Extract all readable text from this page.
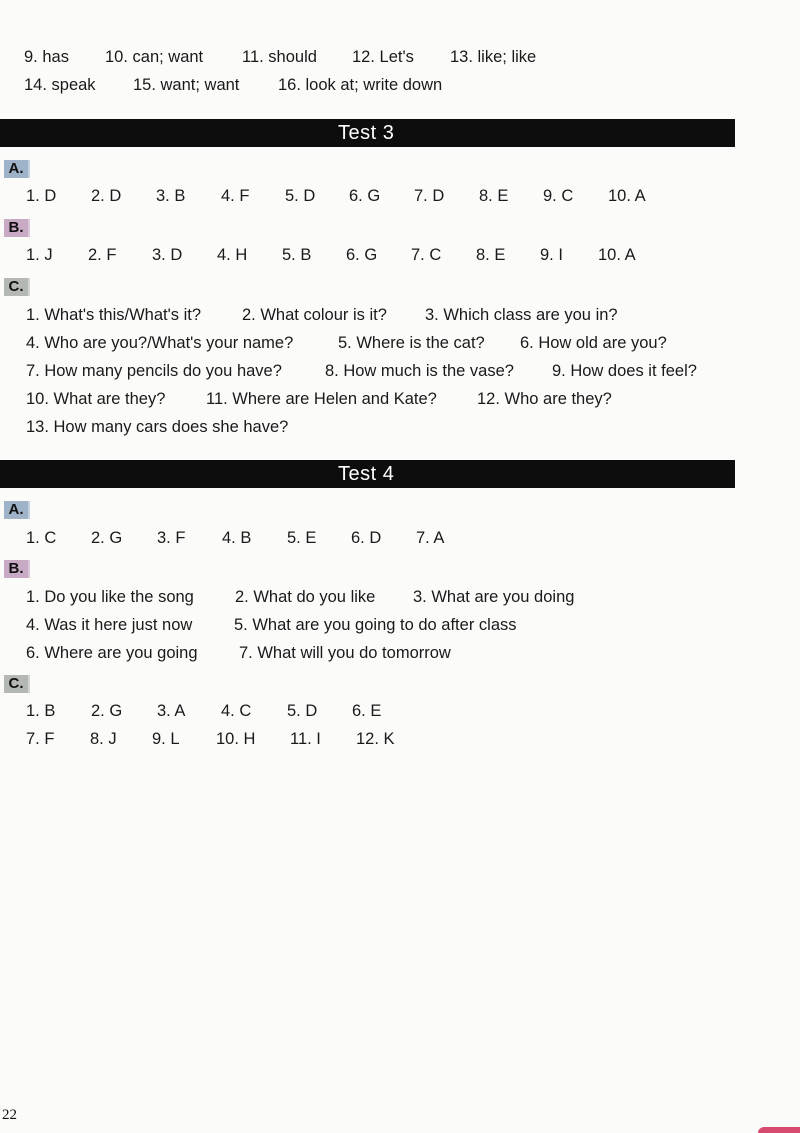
9. has 10. can; want 11. should 12. Let's 13. like; like
14. speak 15. want; want 16. look at; write down
Test 3
A.
1. D 2. D 3. B 4. F 5. D 6. G 7. D 8. E 9. C 10. A
B.
1. J 2. F 3. D 4. H 5. B 6. G 7. C 8. E 9. I 10. A
C.
1. What's this/What's it? 2. What colour is it? 3. Which class are you in?
4. Who are you?/What's your name?	5. Where is the cat? 6. How old are you?
7. How many pencils do you have?	8. How much is the vase? 9. How does it feel?
10. What are they? 11. Where are Helen and Kate? 12. Who are they?
13. How many cars does she have?
Test 4
A.
1. C 2. G 3. F 4. B 5. E 6. D 7. A
B.
1. Do you like the song 2. What do you like 3. What are you doing
4. Was it here just now	5. What are you going to do after class
6. Where are you going	7. What will you do tomorrow
C.
1. B 2. G 3. A 4. C 5. D 6. E
7. F 8. J 9. L 10. H 11. I 12. K
22
